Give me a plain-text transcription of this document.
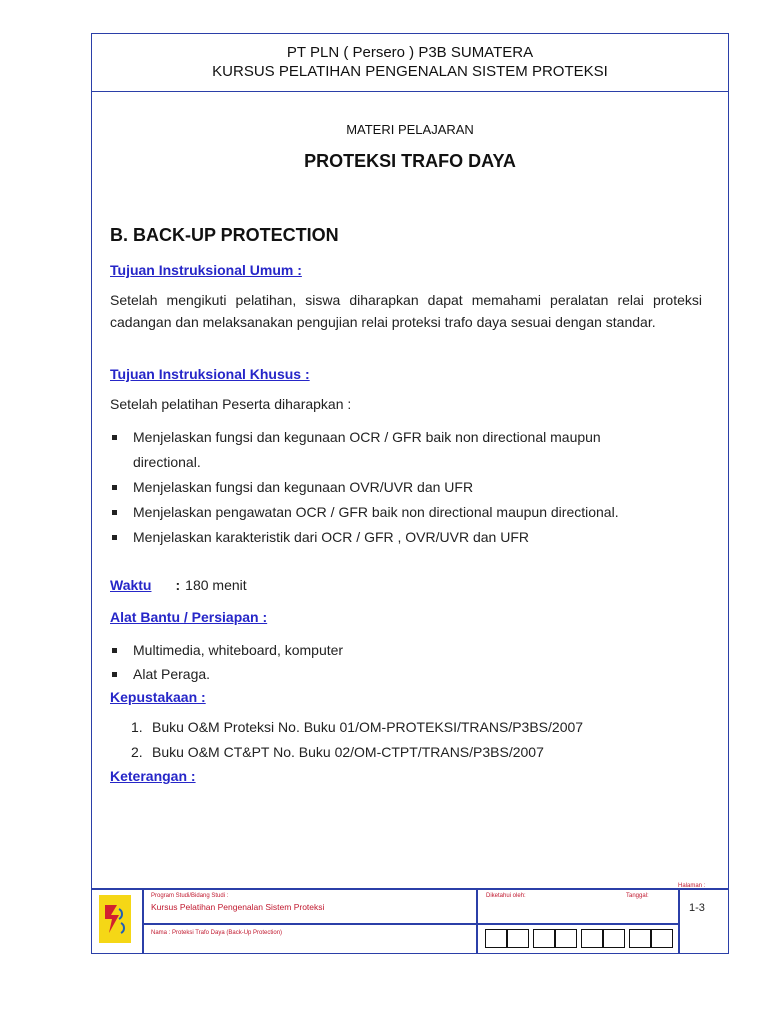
PT PLN ( Persero ) P3B SUMATERA
KURSUS PELATIHAN PENGENALAN SISTEM PROTEKSI
MATERI PELAJARAN
PROTEKSI TRAFO DAYA
B. BACK-UP PROTECTION
Tujuan Instruksional Umum :
Setelah mengikuti pelatihan, siswa diharapkan dapat memahami peralatan relai proteksi cadangan dan melaksanakan pengujian relai proteksi trafo daya sesuai dengan standar.
Tujuan Instruksional Khusus :
Setelah pelatihan Peserta diharapkan :
Menjelaskan fungsi dan kegunaan OCR / GFR baik non directional maupun
directional.
Menjelaskan fungsi dan kegunaan OVR/UVR dan UFR
Menjelaskan pengawatan OCR / GFR baik non directional maupun directional.
Menjelaskan karakteristik dari OCR / GFR , OVR/UVR dan UFR
Waktu : 180 menit
Alat Bantu / Persiapan :
Multimedia, whiteboard, komputer
Alat Peraga.
Kepustakaan :
1. Buku O&M Proteksi No. Buku 01/OM-PROTEKSI/TRANS/P3BS/2007
2. Buku O&M CT&PT No. Buku 02/OM-CTPT/TRANS/P3BS/2007
Keterangan :
Program Studi/Bidang Studi :
Kursus Pelatihan Pengenalan Sistem Proteksi
Nama : Proteksi Trafo Daya (Back-Up Protection)
Diketahui oleh:	Tanggal:
Halaman :
1-3
